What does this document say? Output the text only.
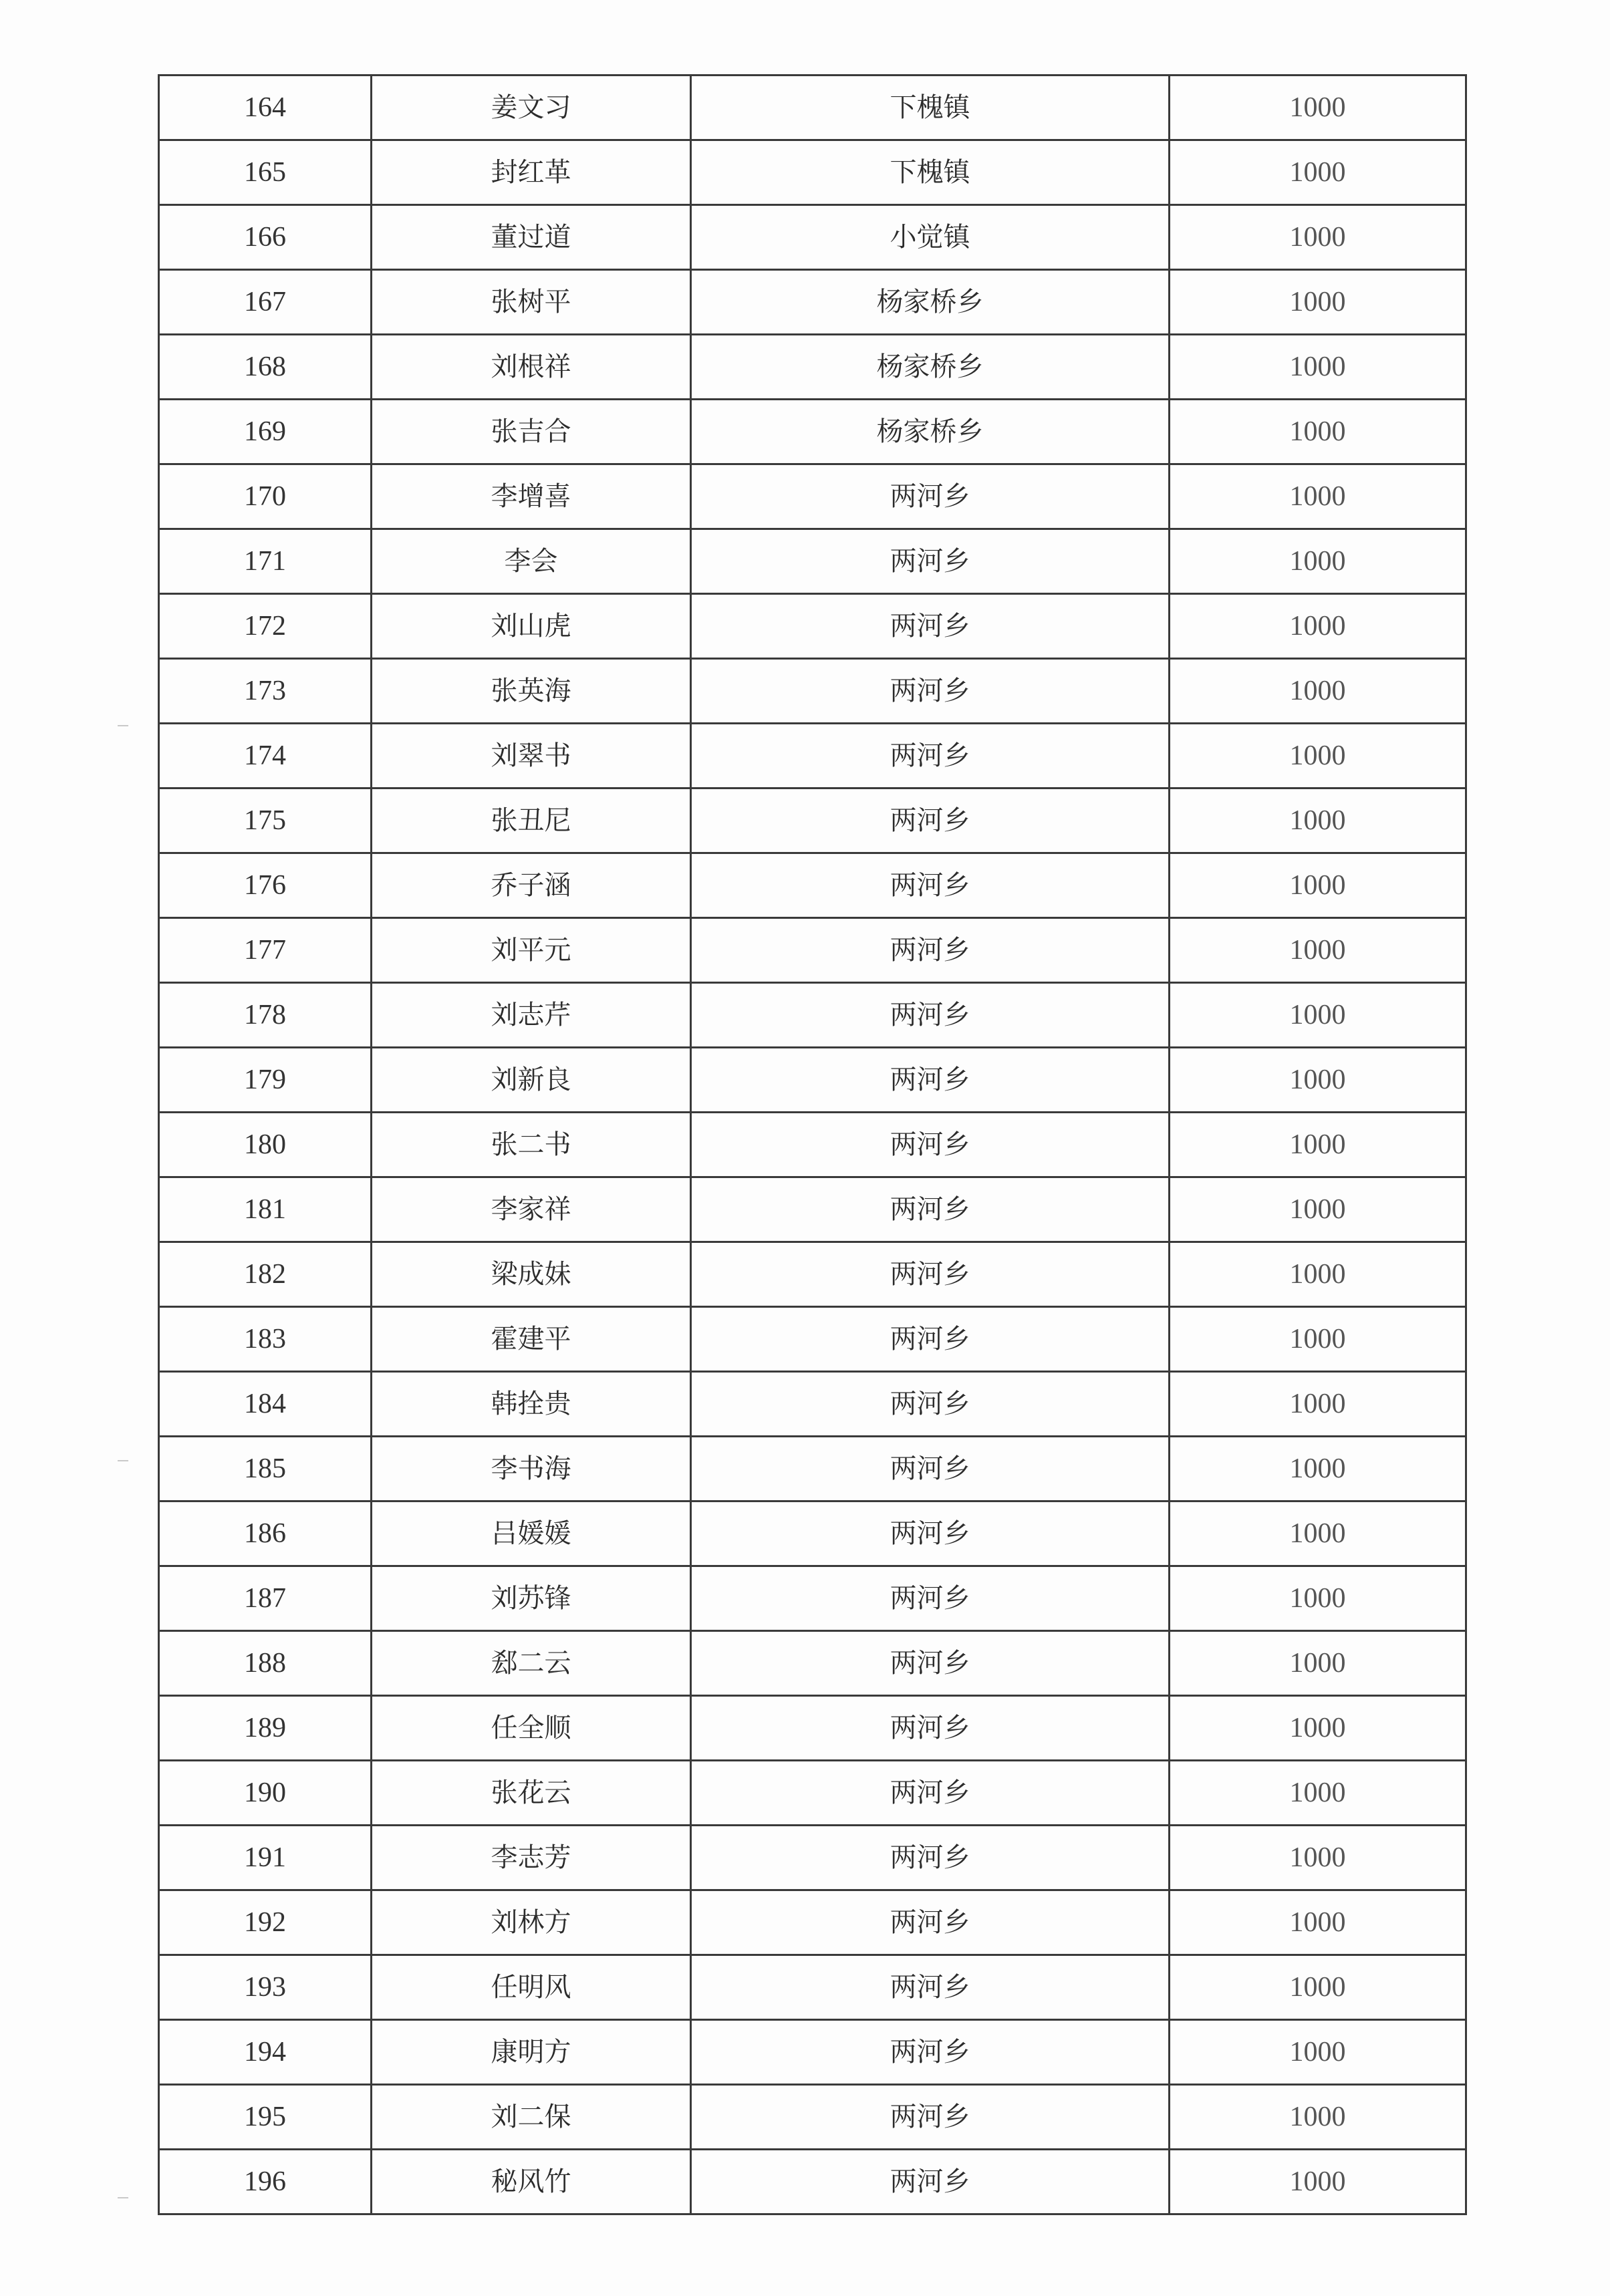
164	姜文习	下槐镇	1000
165	封红革	下槐镇	1000
166	董过道	小觉镇	1000
167	张树平	杨家桥乡	1000
168	刘根祥	杨家桥乡	1000
169	张吉合	杨家桥乡	1000
170	李增喜	两河乡	1000
171	李会	两河乡	1000
172	刘山虎	两河乡	1000
173	张英海	两河乡	1000
174	刘翠书	两河乡	1000
175	张丑尼	两河乡	1000
176	乔子涵	两河乡	1000
177	刘平元	两河乡	1000
178	刘志芹	两河乡	1000
179	刘新良	两河乡	1000
180	张二书	两河乡	1000
181	李家祥	两河乡	1000
182	梁成妹	两河乡	1000
183	霍建平	两河乡	1000
184	韩拴贵	两河乡	1000
185	李书海	两河乡	1000
186	吕媛媛	两河乡	1000
187	刘苏锋	两河乡	1000
188	郄二云	两河乡	1000
189	任全顺	两河乡	1000
190	张花云	两河乡	1000
191	李志芳	两河乡	1000
192	刘林方	两河乡	1000
193	任明风	两河乡	1000
194	康明方	两河乡	1000
195	刘二保	两河乡	1000
196	秘风竹	两河乡	1000
